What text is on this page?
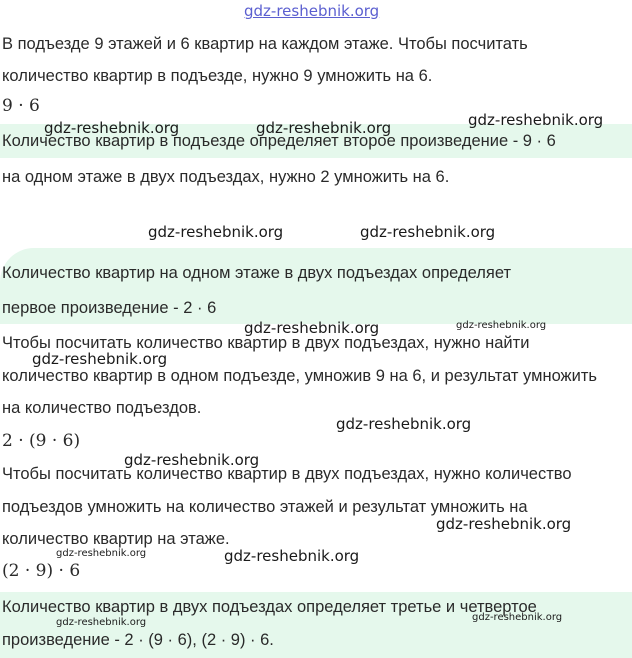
В подъезде 9 этажей и 6 квартир на каждом этаже. Чтобы посчитать
количество квартир в подъезде, нужно 9 умножить на 6.
9 · 6
Количество квартир в подъезде определяет второе произведение - 9 · 6
на одном этаже в двух подъездах, нужно 2 умножить на 6.
Количество квартир на одном этаже в двух подъездах определяет
первое произведение - 2 · 6
Чтобы посчитать количество квартир в двух подъездах, нужно найти
количество квартир в одном подъезде, умножив 9 на 6, и результат умножить
на количество подъездов.
2 · (9 · 6)
Чтобы посчитать количество квартир в двух подъездах, нужно количество
подъездов умножить на количество этажей и результат умножить на
количество квартир на этаже.
(2 · 9) · 6
Количество квартир в двух подъездах определяет третье и четвертое
произведение - 2 · (9 · 6), (2 · 9) · 6.
gdz-reshebnik.org
gdz-reshebnik.org	gdz-reshebnik.org	gdz-reshebnik.org
gdz-reshebnik.org	gdz-reshebnik.org
gdz-reshebnik.org	gdz-reshebnik.org
gdz-reshebnik.org
gdz-reshebnik.org
gdz-reshebnik.org
gdz-reshebnik.org
gdz-reshebnik.org	gdz-reshebnik.org
gdz-reshebnik.org	gdz-reshebnik.org
